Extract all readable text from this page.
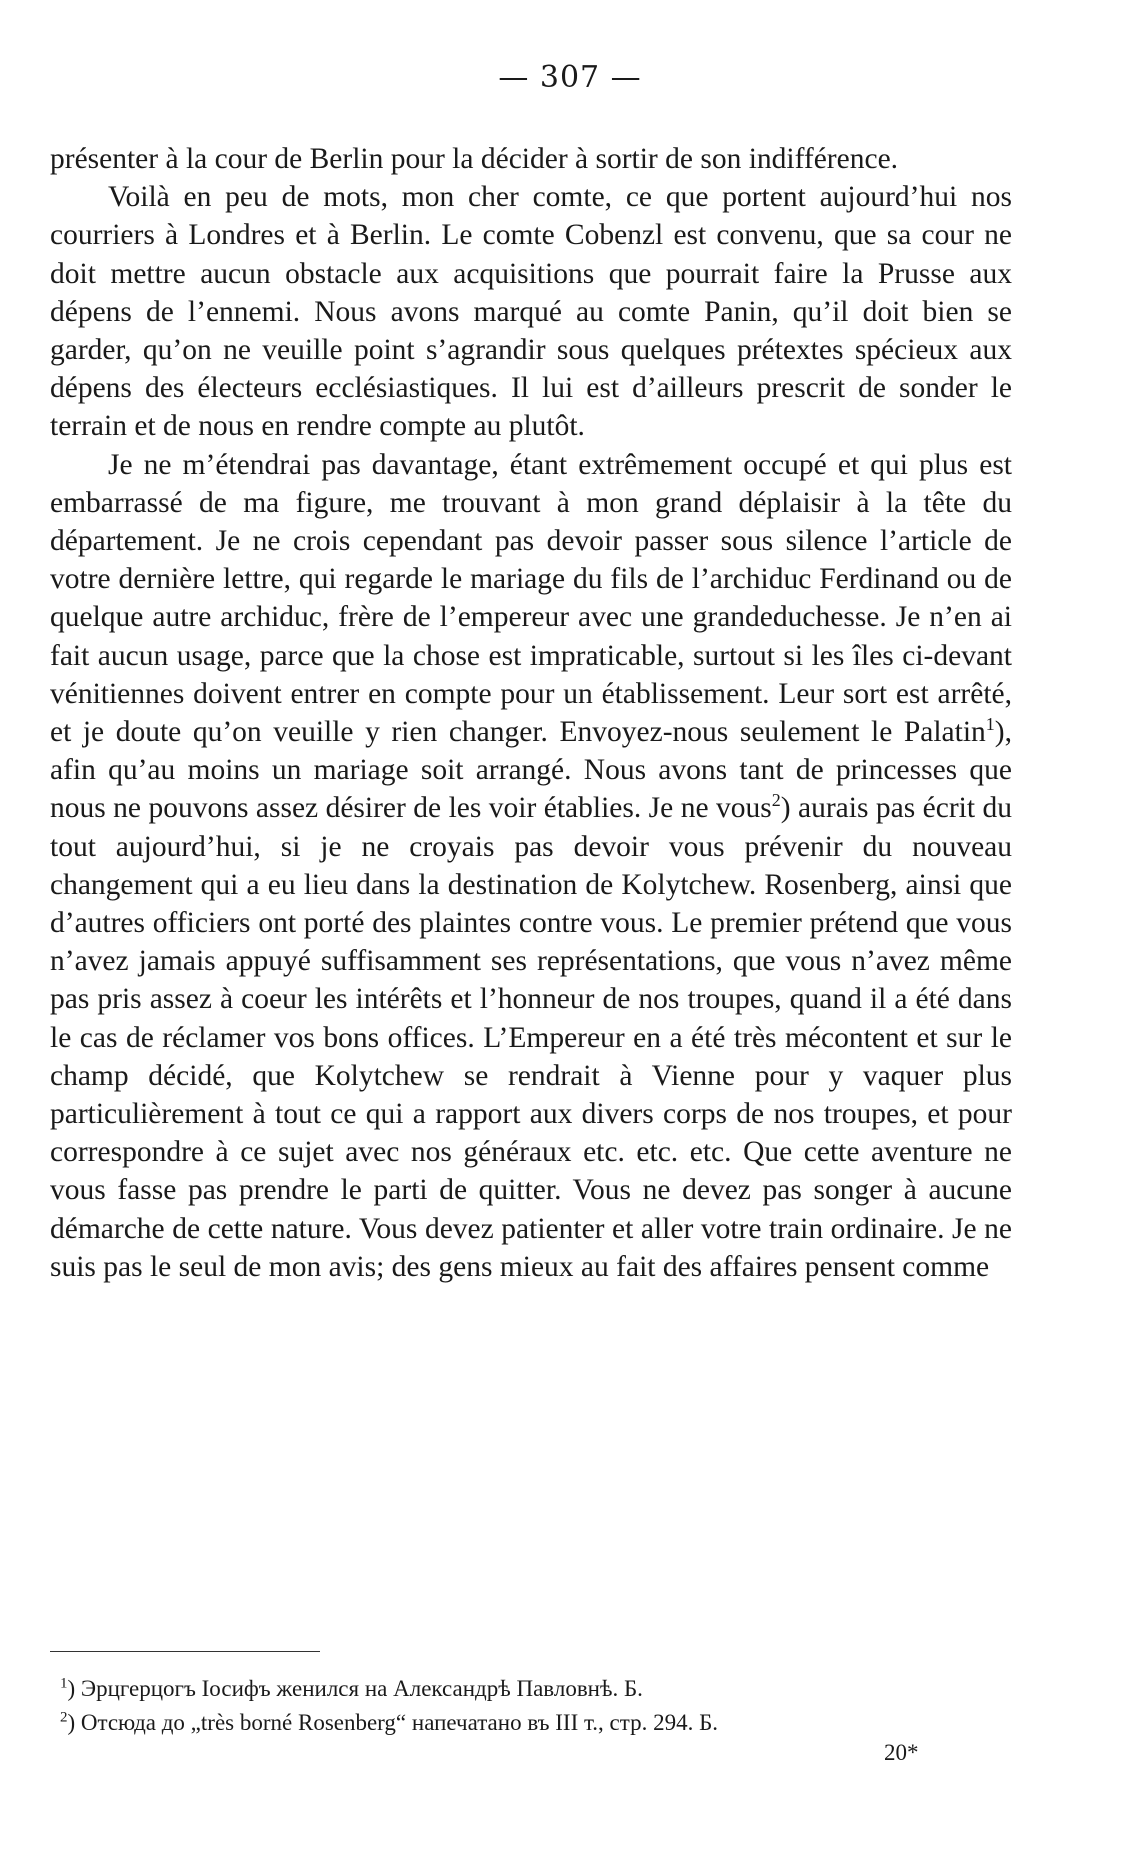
— 307 —

présenter à la cour de Berlin pour la décider à sortir de son indifférence.

Voilà en peu de mots, mon cher comte, ce que portent aujourd’hui nos courriers à Londres et à Berlin. Le comte Cobenzl est convenu, que sa cour ne doit mettre aucun obstacle aux acquisitions que pourrait faire la Prusse aux dépens de l’ennemi. Nous avons marqué au comte Panin, qu’il doit bien se garder, qu’on ne veuille point s’agrandir sous quelques prétextes spécieux aux dépens des électeurs ecclésiastiques. Il lui est d’ailleurs prescrit de sonder le terrain et de nous en rendre compte au plutôt.

Je ne m’étendrai pas davantage, étant extrêmement occupé et qui plus est embarrassé de ma figure, me trouvant à mon grand déplaisir à la tête du département. Je ne crois cependant pas devoir passer sous silence l’article de votre dernière lettre, qui regarde le mariage du fils de l’archiduc Ferdinand ou de quelque autre archiduc, frère de l’empereur avec une grandeduchesse. Je n’en ai fait aucun usage, parce que la chose est impraticable, surtout si les îles ci-devant vénitiennes doivent entrer en compte pour un établissement. Leur sort est arrêté, et je doute qu’on veuille y rien changer. Envoyez-nous seulement le Palatin$^1$), afin qu’au moins un mariage soit arrangé. Nous avons tant de princesses que nous ne pouvons assez désirer de les voir établies. Je ne vous$^2$) aurais pas écrit du tout aujourd’hui, si je ne croyais pas devoir vous prévenir du nouveau changement qui a eu lieu dans la destination de Kolytchew. Rosenberg, ainsi que d’autres officiers ont porté des plaintes contre vous. Le premier prétend que vous n’avez jamais appuyé suffisamment ses représentations, que vous n’avez même pas pris assez à coeur les intérêts et l’honneur de nos troupes, quand il a été dans le cas de réclamer vos bons offices. L’Empereur en a été très mécontent et sur le champ décidé, que Kolytchew se rendrait à Vienne pour y vaquer plus particulièrement à tout ce qui a rapport aux divers corps de nos troupes, et pour correspondre à ce sujet avec nos généraux etc. etc. etc. Que cette aventure ne vous fasse pas prendre le parti de quitter. Vous ne devez pas songer à aucune démarche de cette nature. Vous devez patienter et aller votre train ordinaire. Je ne suis pas le seul de mon avis; des gens mieux au fait des affaires pensent comme

$^1$) Эрцгерцогъ Іосифъ женился на Александрѣ Павловнѣ. Б.
$^2$) Отсюда до „très borné Rosenberg“ напечатано въ III т., стр. 294. Б.
20*
